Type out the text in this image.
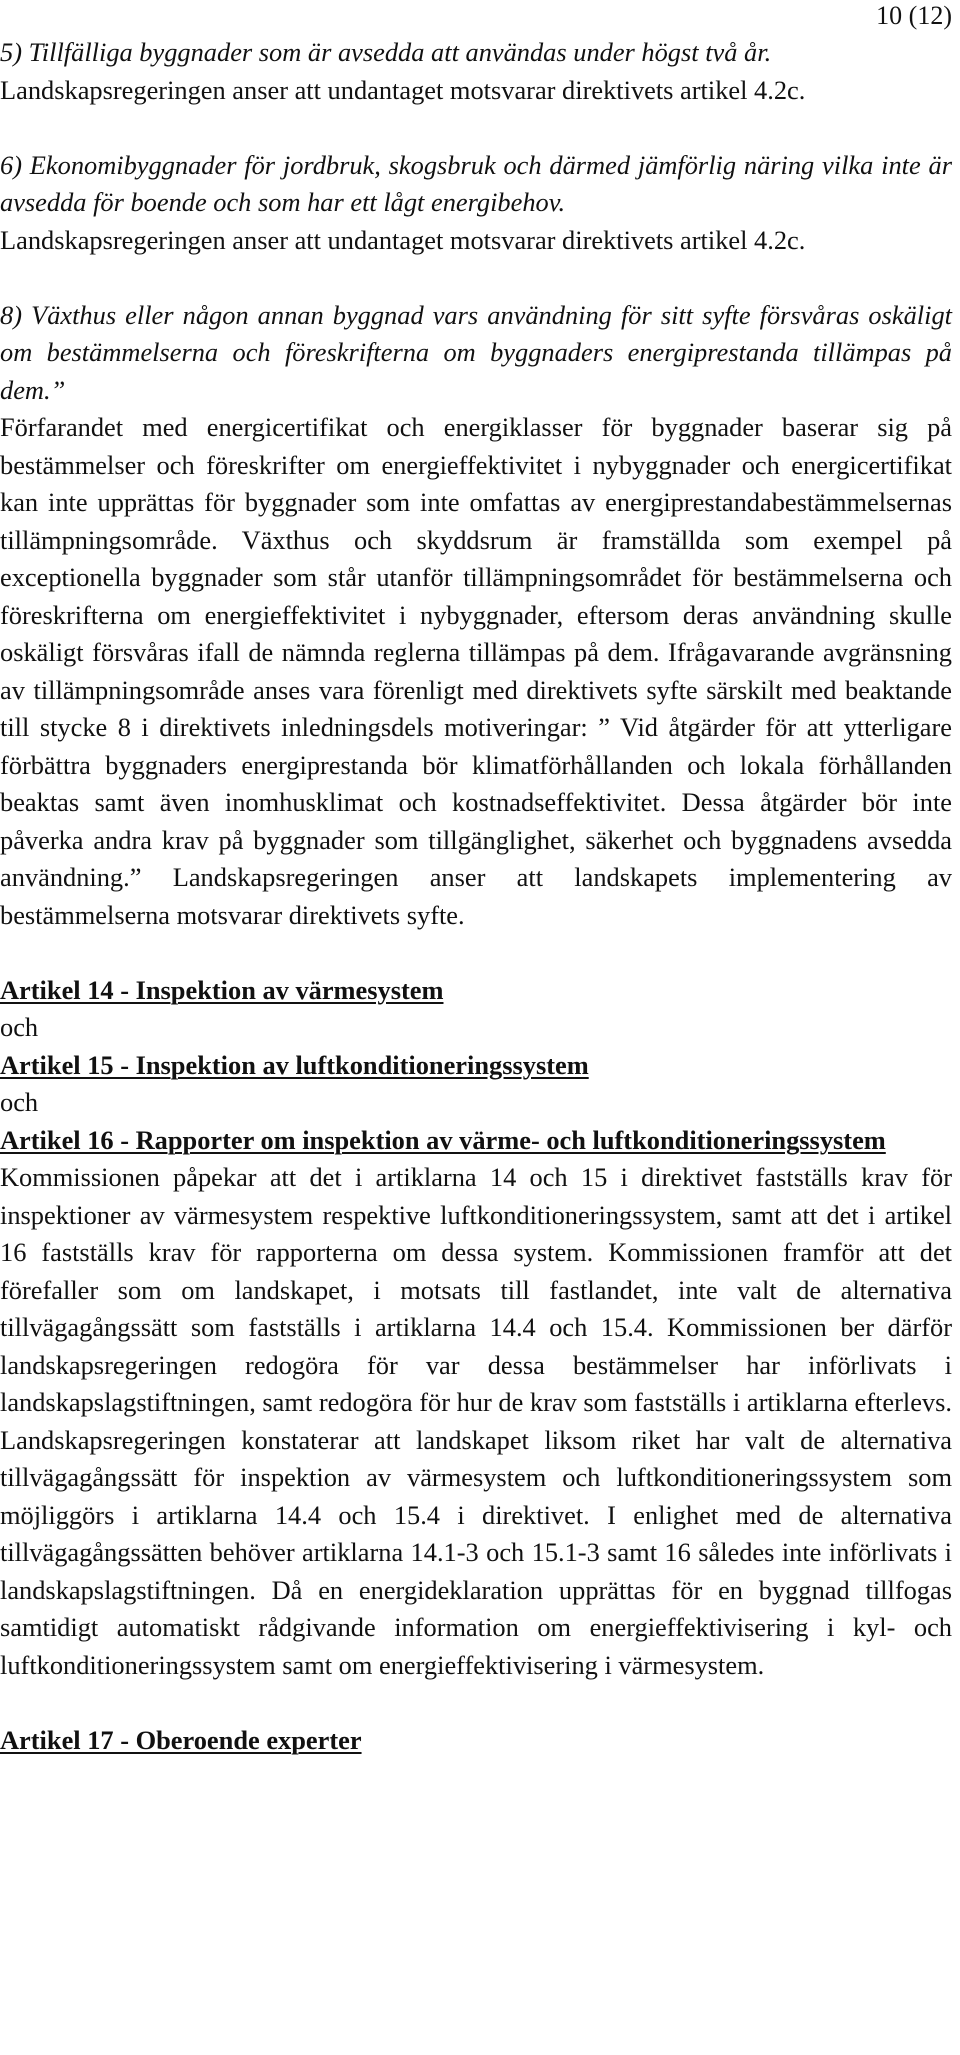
10 (12)

5) Tillfälliga byggnader som är avsedda att användas under högst två år.

Landskapsregeringen anser att undantaget motsvarar direktivets artikel 4.2c.

6) Ekonomibyggnader för jordbruk, skogsbruk och därmed jämförlig näring vilka inte är avsedda för boende och som har ett lågt energibehov.

Landskapsregeringen anser att undantaget motsvarar direktivets artikel 4.2c.

8) Växthus eller någon annan byggnad vars användning för sitt syfte försvåras oskäligt om bestämmelserna och föreskrifterna om byggnaders energiprestanda tillämpas på dem.”

Förfarandet med energicertifikat och energiklasser för byggnader baserar sig på bestämmelser och föreskrifter om energieffektivitet i nybyggnader och energicertifikat kan inte upprättas för byggnader som inte omfattas av energiprestandabestämmelsernas tillämpningsområde. Växthus och skyddsrum är framställda som exempel på exceptionella byggnader som står utanför tillämpningsområdet för bestämmelserna och föreskrifterna om energieffektivitet i nybyggnader, eftersom deras användning skulle oskäligt försvåras ifall de nämnda reglerna tillämpas på dem. Ifrågavarande avgränsning av tillämpningsområde anses vara förenligt med direktivets syfte särskilt med beaktande till stycke 8 i direktivets inledningsdels motiveringar: ” Vid åtgärder för att ytterligare förbättra byggnaders energiprestanda bör klimatförhållanden och lokala förhållanden beaktas samt även inomhusklimat och kostnadseffektivitet. Dessa åtgärder bör inte påverka andra krav på byggnader som tillgänglighet, säkerhet och byggnadens avsedda användning.” Landskapsregeringen anser att landskapets implementering av bestämmelserna motsvarar direktivets syfte.

Artikel 14 - Inspektion av värmesystem

och

Artikel 15 - Inspektion av luftkonditioneringssystem

och

Artikel 16 - Rapporter om inspektion av värme- och luftkonditioneringssystem

Kommissionen påpekar att det i artiklarna 14 och 15 i direktivet fastställs krav för inspektioner av värmesystem respektive luftkonditioneringssystem, samt att det i artikel 16 fastställs krav för rapporterna om dessa system. Kommissionen framför att det förefaller som om landskapet, i motsats till fastlandet, inte valt de alternativa tillvägagångssätt som fastställs i artiklarna 14.4 och 15.4. Kommissionen ber därför landskapsregeringen redogöra för var dessa bestämmelser har införlivats i landskapslagstiftningen, samt redogöra för hur de krav som fastställs i artiklarna efterlevs. Landskapsregeringen konstaterar att landskapet liksom riket har valt de alternativa tillvägagångssätt för inspektion av värmesystem och luftkonditioneringssystem som möjliggörs i artiklarna 14.4 och 15.4 i direktivet. I enlighet med de alternativa tillvägagångssätten behöver artiklarna 14.1-3 och 15.1-3 samt 16 således inte införlivats i landskapslagstiftningen. Då en energideklaration upprättas för en byggnad tillfogas samtidigt automatiskt rådgivande information om energieffektivisering i kyl- och luftkonditioneringssystem samt om energieffektivisering i värmesystem.

Artikel 17 - Oberoende experter
